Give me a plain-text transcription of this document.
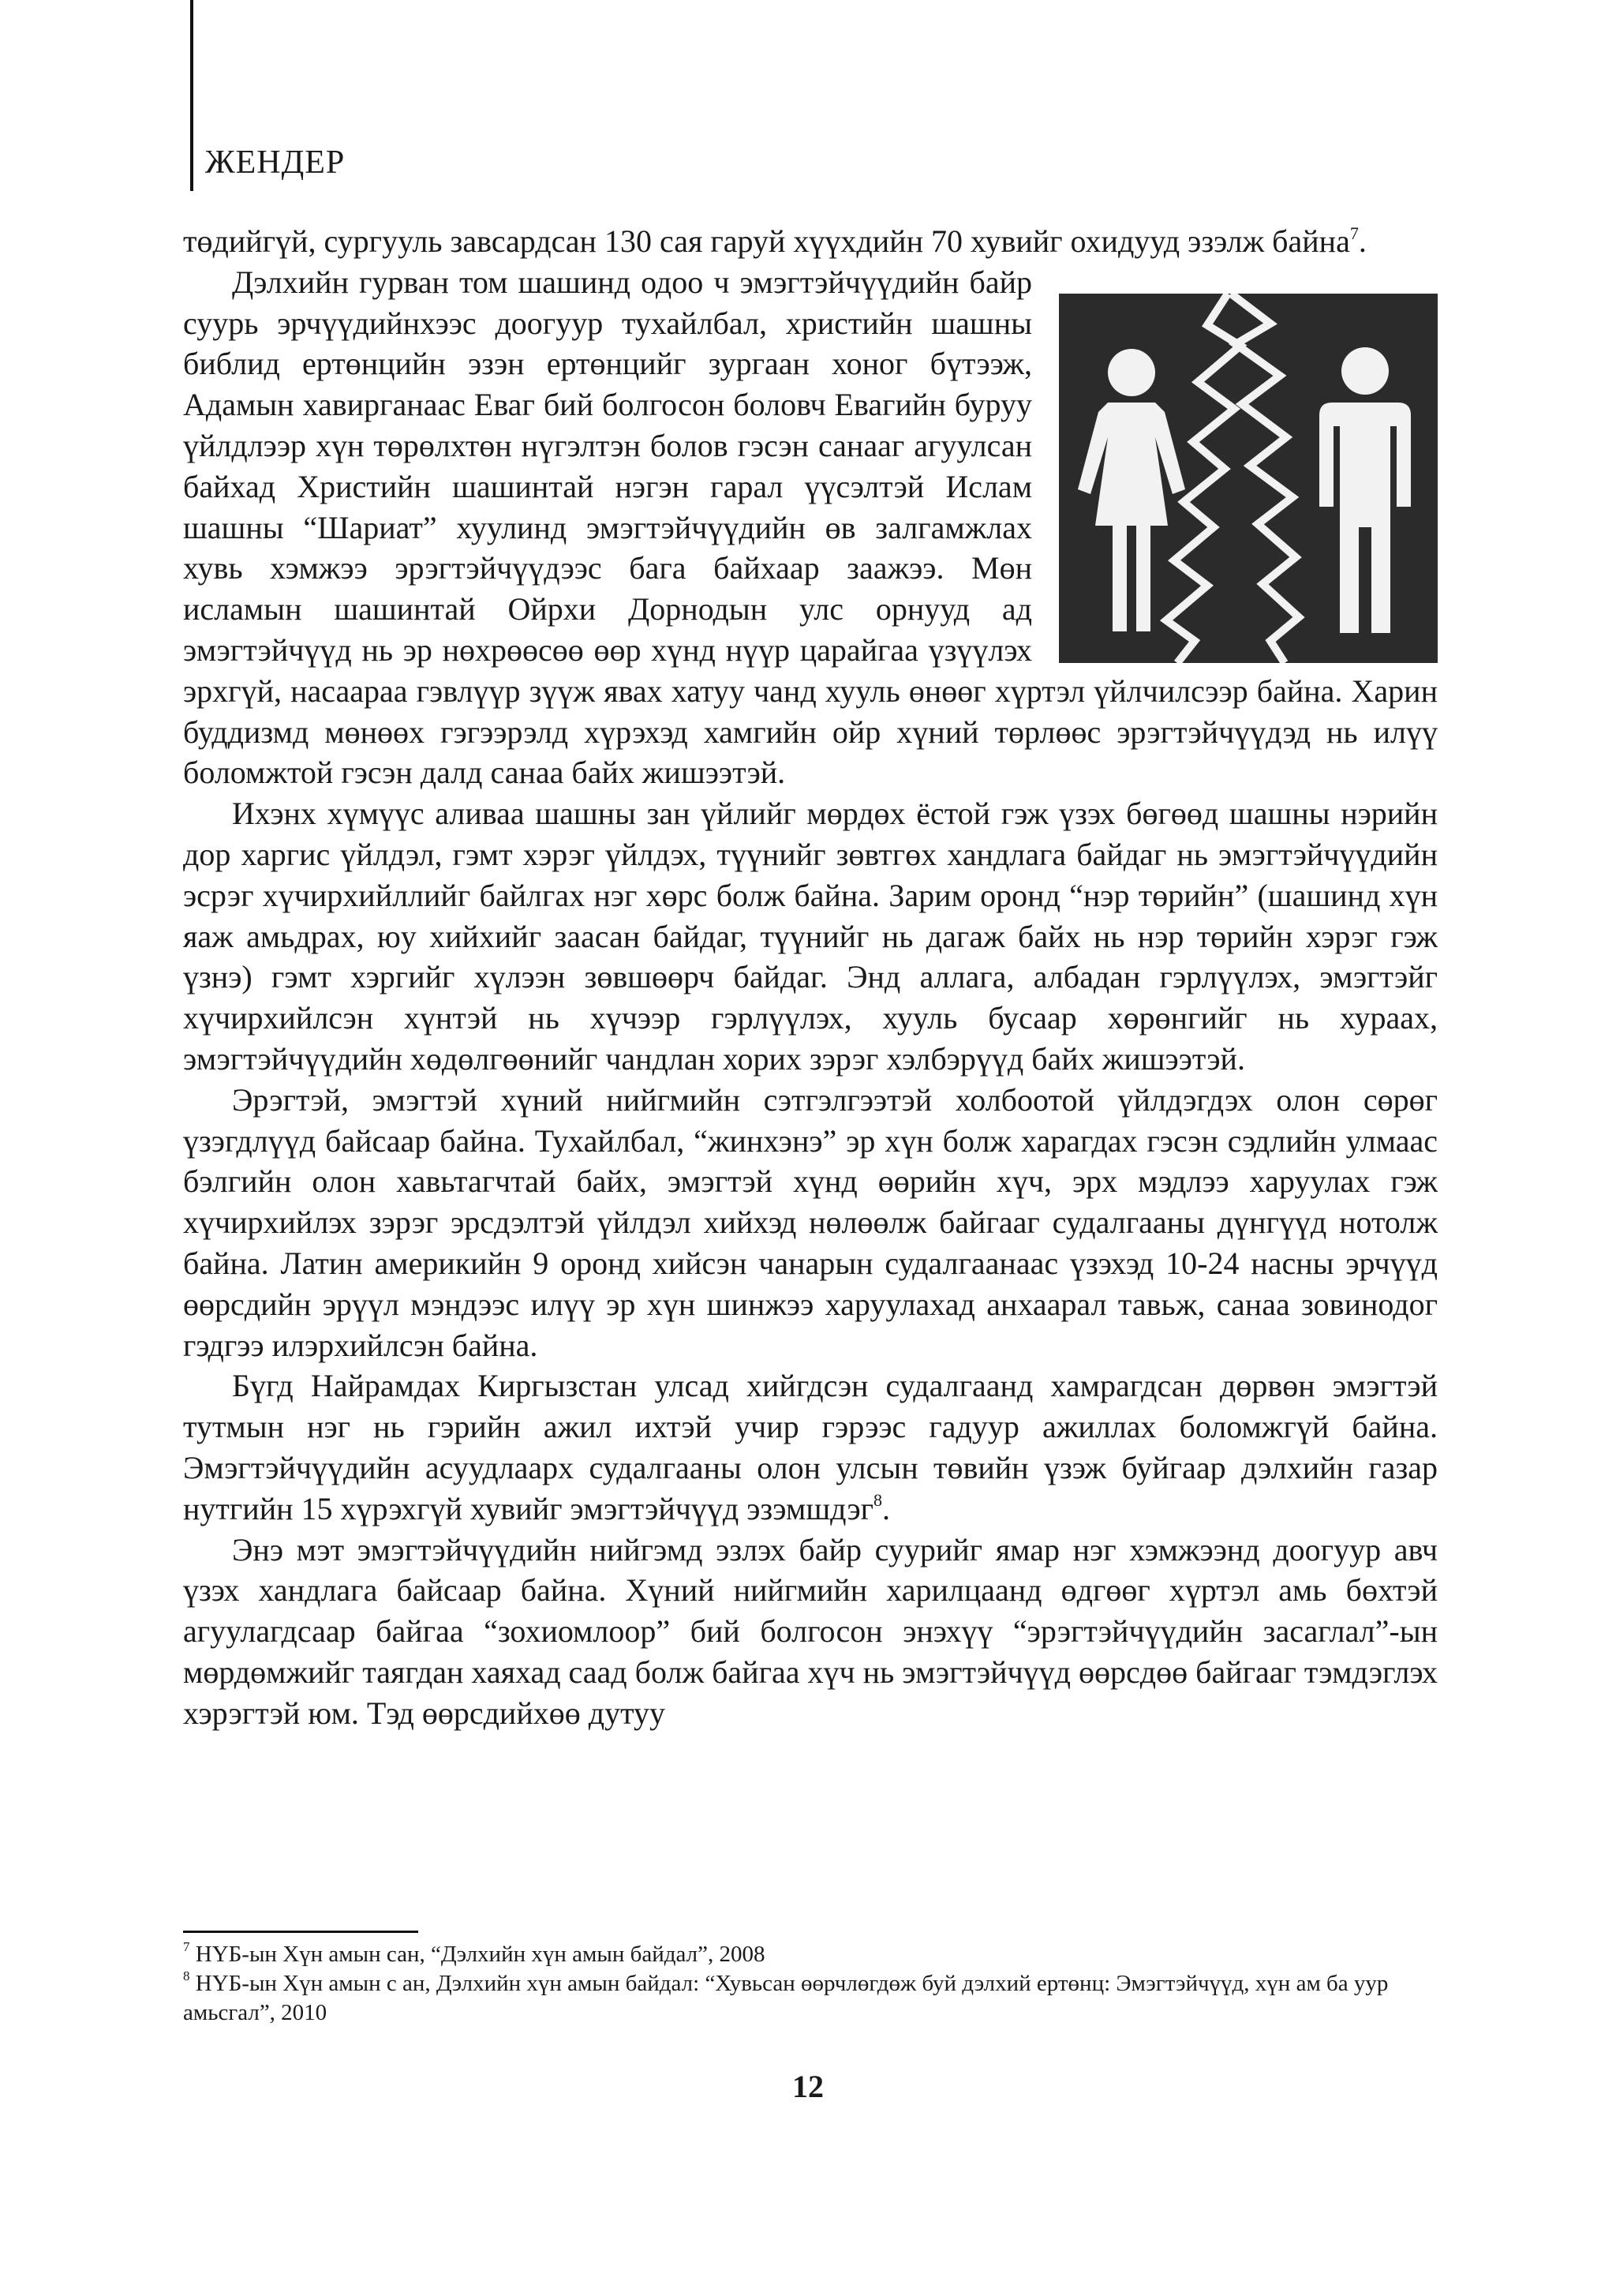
ЖЕНДЕР

төдийгүй, сургууль завсардсан 130 сая гаруй хүүхдийн 70 хувийг охидууд эзэлж байна$^7$.

Дэлхийн гурван том шашинд одоо ч эмэгтэйчүүдийн байр суурь эрчүүдийнхээс доогуур тухайлбал, христийн шашны библид ертөнцийн эзэн ертөнцийг зургаан хоног бүтээж, Адамын хавирганаас Еваг бий болгосон боловч Евагийн буруу үйлдлээр хүн төрөлхтөн нүгэлтэн болов гэсэн санааг агуулсан байхад Христийн шашинтай нэгэн гарал үүсэлтэй Ислам шашны “Шариат” хуулинд эмэгтэйчүүдийн өв залгамжлах хувь хэмжээ эрэгтэйчүүдээс бага байхаар заажээ. Мөн исламын шашинтай Ойрхи Дорнодын улс орнууд ад эмэгтэйчүүд нь эр нөхрөөсөө өөр хүнд нүүр царайгаа үзүүлэх эрхгүй, насаараа гэвлүүр зүүж явах хатуу чанд хууль өнөөг хүртэл үйлчилсээр байна. Харин буддизмд мөнөөх гэгээрэлд хүрэхэд хамгийн ойр хүний төрлөөс эрэгтэйчүүдэд нь илүү боломжтой гэсэн далд санаа байх жишээтэй.

Ихэнх хүмүүс аливаа шашны зан үйлийг мөрдөх ёстой гэж үзэх бөгөөд шашны нэрийн дор харгис үйлдэл, гэмт хэрэг үйлдэх, түүнийг зөвтгөх хандлага байдаг нь эмэгтэйчүүдийн эсрэг хүчирхийллийг байлгах нэг хөрс болж байна. Зарим оронд “нэр төрийн” (шашинд хүн яаж амьдрах, юу хийхийг заасан байдаг, түүнийг нь дагаж байх нь нэр төрийн хэрэг гэж үзнэ) гэмт хэргийг хүлээн зөвшөөрч байдаг. Энд аллага, албадан гэрлүүлэх, эмэгтэйг хүчирхийлсэн хүнтэй нь хүчээр гэрлүүлэх, хууль бусаар хөрөнгийг нь хураах, эмэгтэйчүүдийн хөдөлгөөнийг чандлан хорих зэрэг хэлбэрүүд байх жишээтэй.

Эрэгтэй, эмэгтэй хүний нийгмийн сэтгэлгээтэй холбоотой үйлдэгдэх олон сөрөг үзэгдлүүд байсаар байна. Тухайлбал, “жинхэнэ” эр хүн болж харагдах гэсэн сэдлийн улмаас бэлгийн олон хавьтагчтай байх, эмэгтэй хүнд өөрийн хүч, эрх мэдлээ харуулах гэж хүчирхийлэх зэрэг эрсдэлтэй үйлдэл хийхэд нөлөөлж байгааг судалгааны дүнгүүд нотолж байна. Латин америкийн 9 оронд хийсэн чанарын судалгаанаас үзэхэд 10-24 насны эрчүүд өөрсдийн эрүүл мэндээс илүү эр хүн шинжээ харуулахад анхаарал тавьж, санаа зовинодог гэдгээ илэрхийлсэн байна.

Бүгд Найрамдах Киргызстан улсад хийгдсэн судалгаанд хамрагдсан дөрвөн эмэгтэй тутмын нэг нь гэрийн ажил ихтэй учир гэрээс гадуур ажиллах боломжгүй байна. Эмэгтэйчүүдийн асуудлаарх судалгааны олон улсын төвийн үзэж буйгаар дэлхийн газар нутгийн 15 хүрэхгүй хувийг эмэгтэйчүүд эзэмшдэг$^8$.

Энэ мэт эмэгтэйчүүдийн нийгэмд эзлэх байр суурийг ямар нэг хэмжээнд доогуур авч үзэх хандлага байсаар байна. Хүний нийгмийн харилцаанд өдгөөг хүртэл амь бөхтэй агуулагдсаар байгаа “зохиомлоор” бий болгосон энэхүү “эрэгтэйчүүдийн засаглал”-ын мөрдөмжийг таягдан хаяхад саад болж байгаа хүч нь эмэгтэйчүүд өөрсдөө байгааг тэмдэглэх хэрэгтэй юм. Тэд өөрсдийхөө дутуу

$^7$ НҮБ-ын Хүн амын сан, “Дэлхийн хүн амын байдал”, 2008

$^8$ НҮБ-ын Хүн амын с ан, Дэлхийн хүн амын байдал: “Хувьсан өөрчлөгдөж буй дэлхий ертөнц: Эмэгтэйчүүд, хүн ам ба уур амьсгал”, 2010

12
